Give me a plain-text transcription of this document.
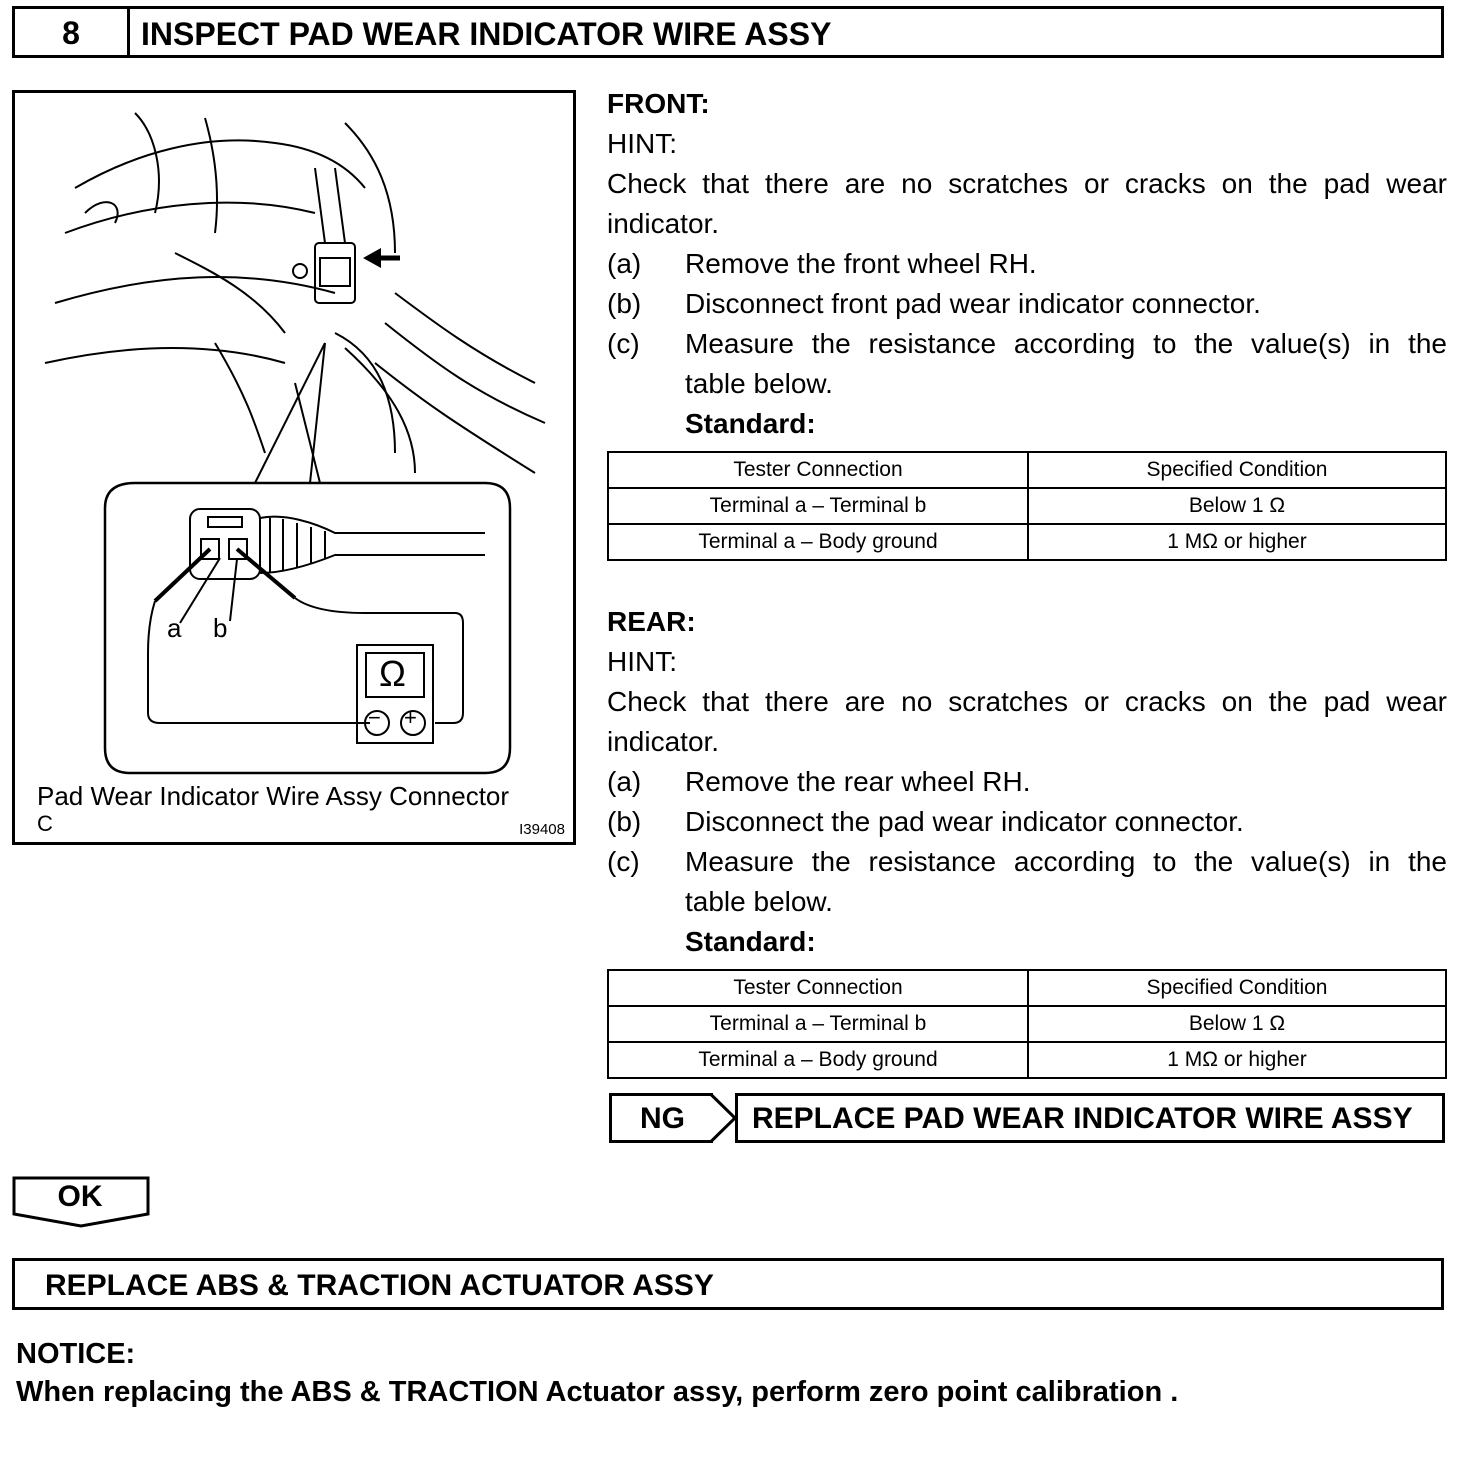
8	INSPECT PAD WEAR INDICATOR WIRE ASSY
a b
Ω
− +
Pad Wear Indicator Wire Assy Connector
C	I39408
FRONT:
HINT:
Check that there are no scratches or cracks on the pad wear
indicator.
(a) Remove the front wheel RH.
(b) Disconnect front pad wear indicator connector.
(c) Measure the resistance according to the value(s) in the
table below.
Standard:
Tester Connection	Specified Condition
Terminal a – Terminal b	Below 1 Ω
Terminal a – Body ground	1 MΩ or higher
REAR:
HINT:
Check that there are no scratches or cracks on the pad wear
indicator.
(a) Remove the rear wheel RH.
(b) Disconnect the pad wear indicator connector.
(c) Measure the resistance according to the value(s) in the
table below.
Standard:
Tester Connection	Specified Condition
Terminal a – Terminal b	Below 1 Ω
Terminal a – Body ground	1 MΩ or higher
NG	REPLACE PAD WEAR INDICATOR WIRE ASSY
OK
REPLACE ABS & TRACTION ACTUATOR ASSY
NOTICE:
When replacing the ABS & TRACTION Actuator assy, perform zero point calibration .
